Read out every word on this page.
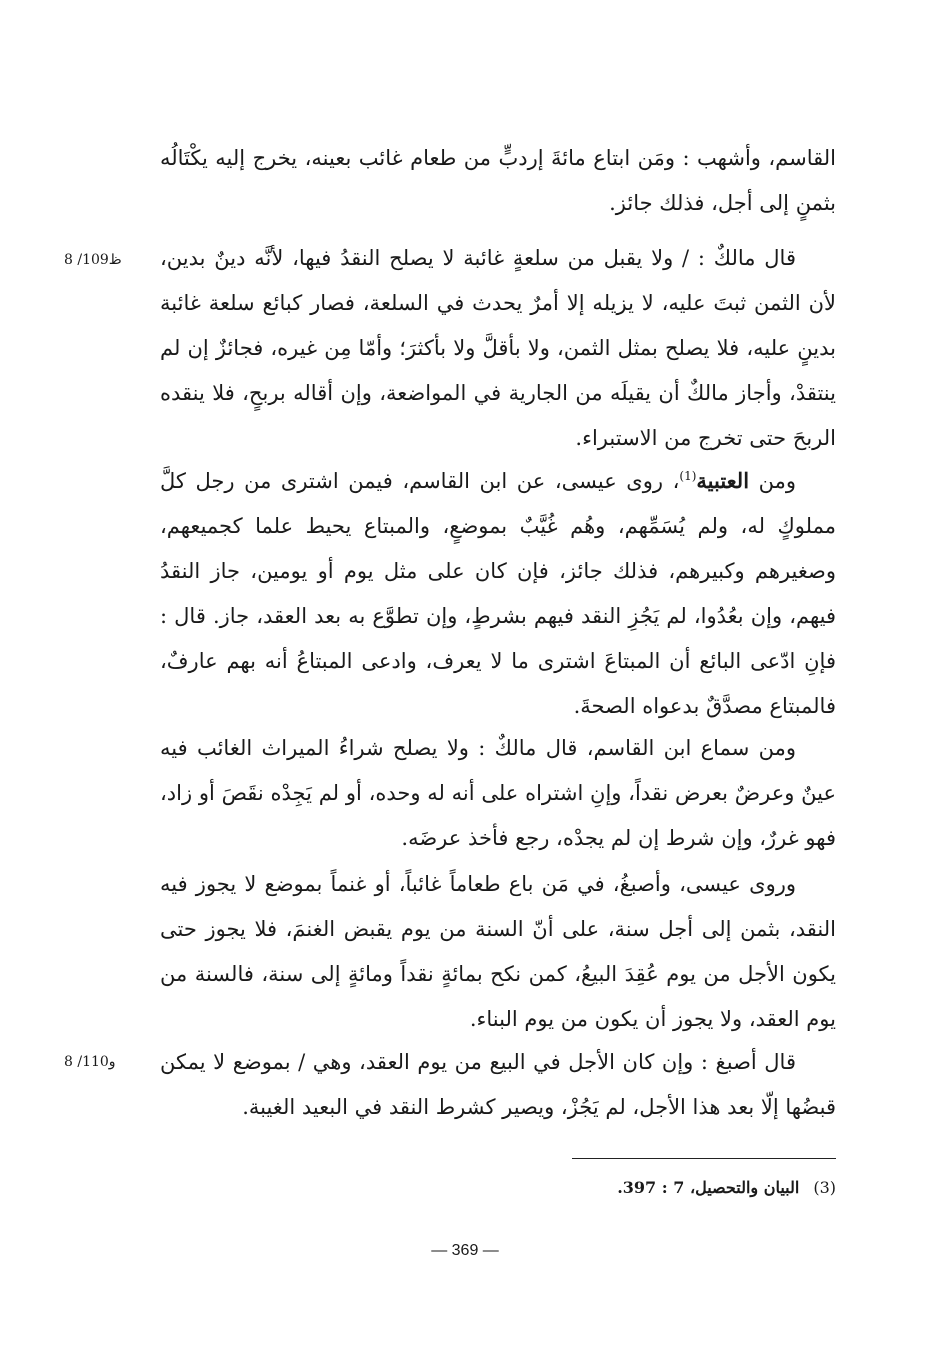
القاسم، وأشهب : ومَن ابتاع مائةَ إردبٍّ من طعام غائب بعينه، يخرج إليه يكْتَالُه بثمنٍ إلى أجل، فذلك جائز.

8 /109ظ	قال مالكٌ : / ولا يقبل من سلعةٍ غائبة لا يصلح النقدُ فيها، لأنَّه دينٌ بدين، لأن الثمن ثبتَ عليه، لا يزيله إلا أمرٌ يحدث في السلعة، فصار كبائع سلعة غائبة بدينٍ عليه، فلا يصلح بمثل الثمن، ولا بأقلَّ ولا بأكثرَ؛ وأمّا مِن غيره، فجائزٌ إن لم ينتقدْ، وأجاز مالكٌ أن يقيلَه من الجارية في المواضعة، وإن أقاله بربحٍ، فلا ينقده الربحَ حتى تخرج من الاستبراء.

ومن العتبية$^{(1)}$، روى عيسى، عن ابن القاسم، فيمن اشترى من رجل كلَّ مملوكٍ له، ولم يُسَمِّهم، وهُم غُيَّبٌ بموضعٍ، والمبتاع يحيط علما كجميعهم، وصغيرهم وكبيرهم، فذلك جائز، فإن كان على مثل يوم أو يومين، جاز النقدُ فيهم، وإن بعُدُوا، لم يَجُزِ النقد فيهم بشرطٍ، وإن تطوَّع به بعد العقد، جاز. قال : فإنِ ادّعى البائع أن المبتاعَ اشترى ما لا يعرف، وادعى المبتاعُ أنه بهم عارفٌ، فالمبتاع مصدَّقٌ بدعواه الصحةَ.

ومن سماع ابن القاسم، قال مالكٌ : ولا يصلح شراءُ الميراث الغائب فيه عينٌ وعرضٌ بعرض نقداً، وإنِ اشتراه على أنه له وحده، أو لم يَجِدْه نقَصَ أو زاد، فهو غررٌ، وإن شرط إن لم يجدْه، رجع فأخذ عرضَه.

وروى عيسى، وأصبغُ، في مَن باع طعاماً غائباً، أو غنماً بموضع لا يجوز فيه النقد، بثمن إلى أجل سنة، على أنّ السنة من يوم يقبض الغنمَ، فلا يجوز حتى يكون الأجل من يوم عُقِدَ البيعُ، كمن نكح بمائةٍ نقداً ومائةٍ إلى سنة، فالسنة من يوم العقد، ولا يجوز أن يكون من يوم البناء.

8 /110و	قال أصبغ : وإن كان الأجل في البيع من يوم العقد، وهي / بموضع لا يمكن قبضُها إلّا بعد هذا الأجل، لم يَجُزْ، ويصير كشرط النقد في البعيد الغيبة.

(3)البيان والتحصيل، 7 : 397.
— 369 —
